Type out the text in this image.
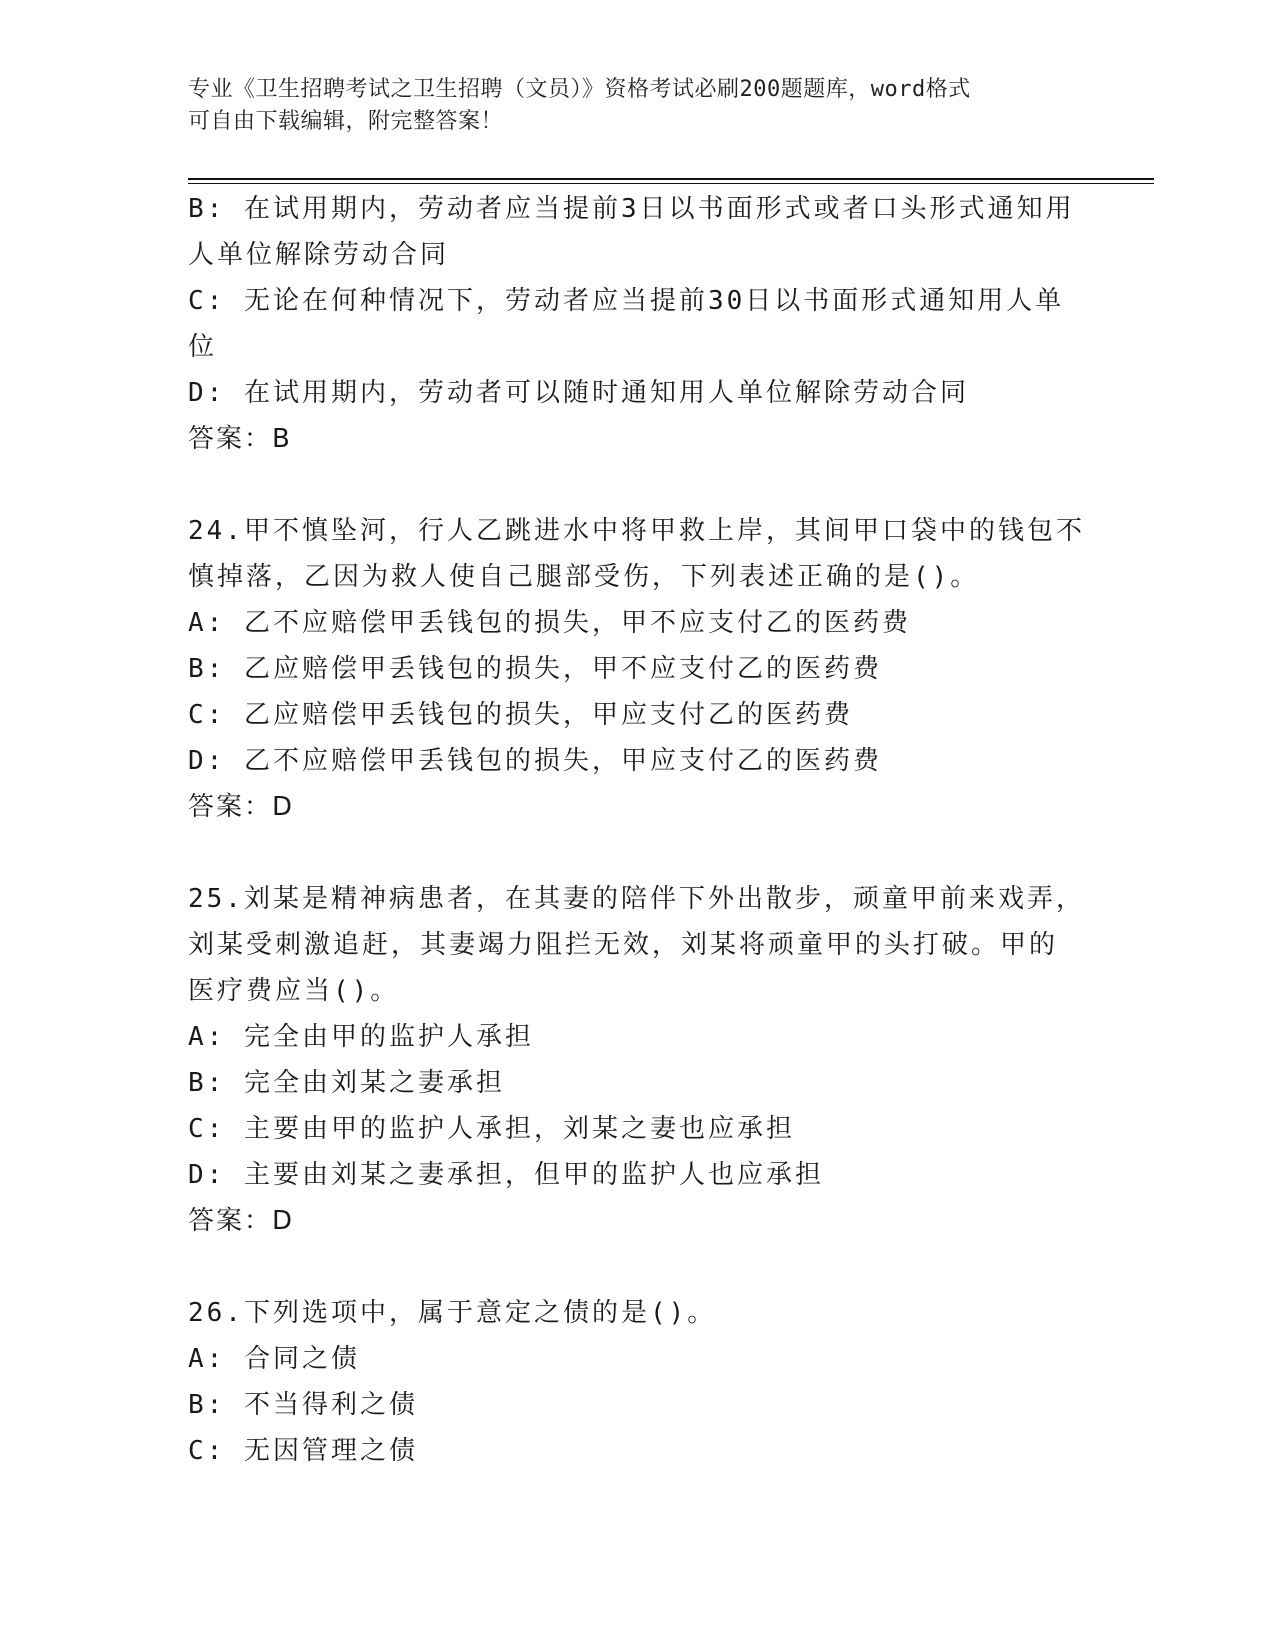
专业《卫生招聘考试之卫生招聘（文员）》资格考试必刷200题题库，word格式
可自由下载编辑，附完整答案！
B: 在试用期内，劳动者应当提前3日以书面形式或者口头形式通知用
人单位解除劳动合同
C: 无论在何种情况下，劳动者应当提前30日以书面形式通知用人单
位
D: 在试用期内，劳动者可以随时通知用人单位解除劳动合同
答案：B
24.甲不慎坠河，行人乙跳进水中将甲救上岸，其间甲口袋中的钱包不
慎掉落，乙因为救人使自己腿部受伤，下列表述正确的是()。
A: 乙不应赔偿甲丢钱包的损失，甲不应支付乙的医药费
B: 乙应赔偿甲丢钱包的损失，甲不应支付乙的医药费
C: 乙应赔偿甲丢钱包的损失，甲应支付乙的医药费
D: 乙不应赔偿甲丢钱包的损失，甲应支付乙的医药费
答案：D
25.刘某是精神病患者，在其妻的陪伴下外出散步，顽童甲前来戏弄，
刘某受刺激追赶，其妻竭力阻拦无效，刘某将顽童甲的头打破。甲的
医疗费应当()。
A: 完全由甲的监护人承担
B: 完全由刘某之妻承担
C: 主要由甲的监护人承担，刘某之妻也应承担
D: 主要由刘某之妻承担，但甲的监护人也应承担
答案：D
26.下列选项中，属于意定之债的是()。
A: 合同之债
B: 不当得利之债
C: 无因管理之债
